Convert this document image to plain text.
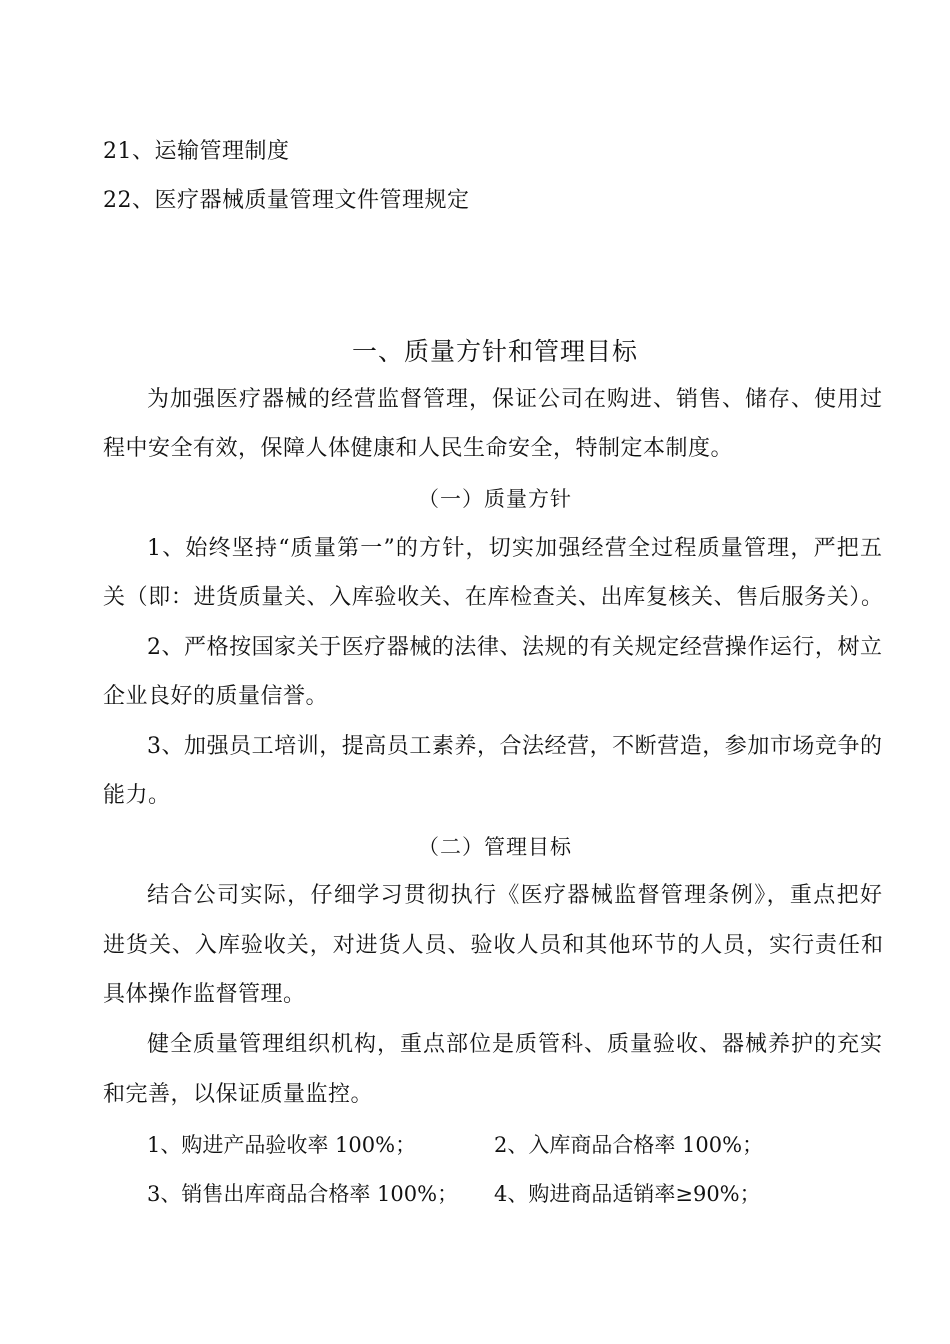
21、运输管理制度
22、医疗器械质量管理文件管理规定
一、质量方针和管理目标
为加强医疗器械的经营监督管理，保证公司在购进、销售、储存、使用过
程中安全有效，保障人体健康和人民生命安全，特制定本制度。
（一）质量方针
1、始终坚持“质量第一”的方针，切实加强经营全过程质量管理，严把五
关（即：进货质量关、入库验收关、在库检查关、出库复核关、售后服务关）。
2、严格按国家关于医疗器械的法律、法规的有关规定经营操作运行，树立
企业良好的质量信誉。
3、加强员工培训，提高员工素养，合法经营，不断营造，参加市场竞争的
能力。
（二）管理目标
结合公司实际，仔细学习贯彻执行《医疗器械监督管理条例》，重点把好
进货关、入库验收关，对进货人员、验收人员和其他环节的人员，实行责任和
具体操作监督管理。
健全质量管理组织机构，重点部位是质管科、质量验收、器械养护的充实
和完善，以保证质量监控。
1、购进产品验收率 100%；	2、入库商品合格率 100%；
3、销售出库商品合格率 100%； 4、购进商品适销率≥90%；
